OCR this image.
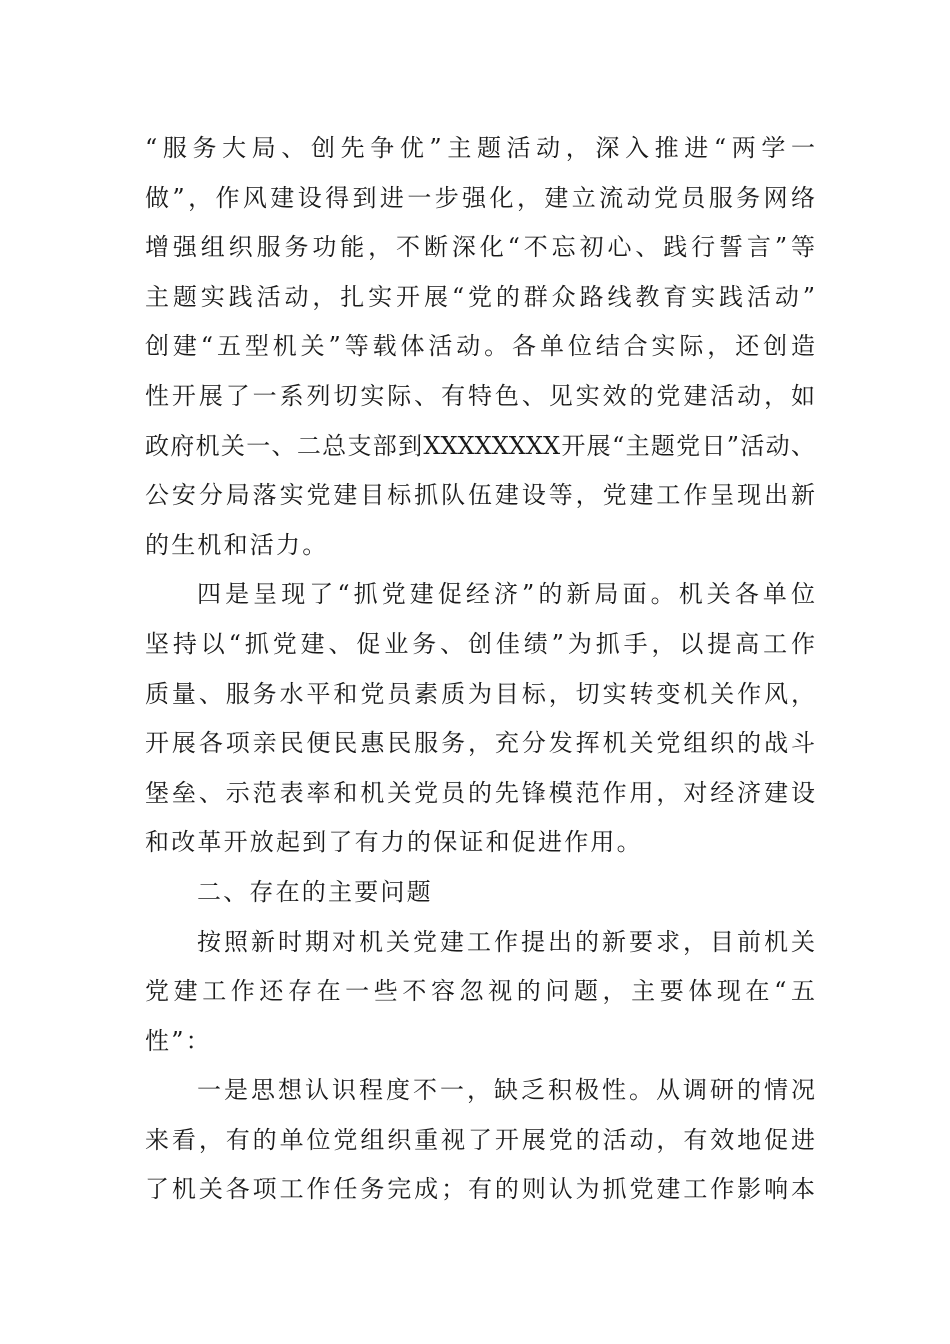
“服务大局、创先争优”主题活动，深入推进“两学一
做”，作风建设得到进一步强化，建立流动党员服务网络
增强组织服务功能，不断深化“不忘初心、践行誓言”等
主题实践活动，扎实开展“党的群众路线教育实践活动”
创建“五型机关”等载体活动。各单位结合实际，还创造
性开展了一系列切实际、有特色、见实效的党建活动，如
政府机关一、二总支部到XXXXXXXX开展“主题党日”活动、
公安分局落实党建目标抓队伍建设等，党建工作呈现出新
的生机和活力。
四是呈现了“抓党建促经济”的新局面。机关各单位
坚持以“抓党建、促业务、创佳绩”为抓手，以提高工作
质量、服务水平和党员素质为目标，切实转变机关作风，
开展各项亲民便民惠民服务，充分发挥机关党组织的战斗
堡垒、示范表率和机关党员的先锋模范作用，对经济建设
和改革开放起到了有力的保证和促进作用。
二、存在的主要问题
按照新时期对机关党建工作提出的新要求，目前机关
党建工作还存在一些不容忽视的问题，主要体现在“五
性”：
一是思想认识程度不一，缺乏积极性。从调研的情况
来看，有的单位党组织重视了开展党的活动，有效地促进
了机关各项工作任务完成；有的则认为抓党建工作影响本
